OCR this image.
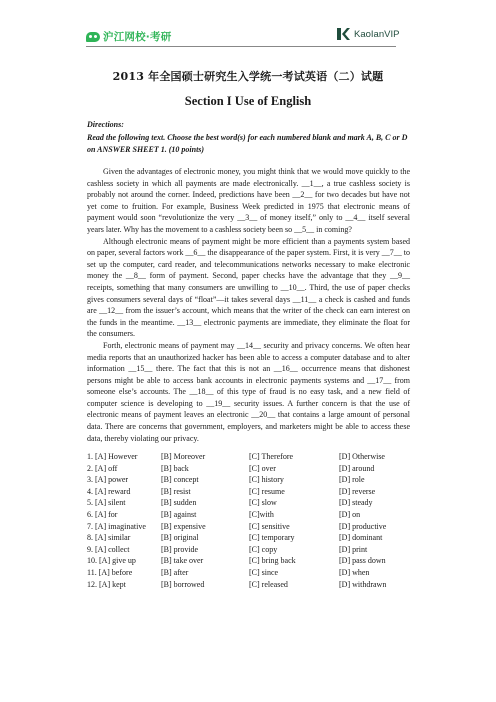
沪江网校·考研	KaoIanVIP
2013 年全国硕士研究生入学统一考试英语（二）试题
Section I Use of English
Directions:
Read the following text. Choose the best word(s) for each numbered blank and mark A, B, C or D on ANSWER SHEET 1. (10 points)

Given the advantages of electronic money, you might think that we would move quickly to the cashless society in which all payments are made electronically. __1__, a true cashless society is probably not around the corner. Indeed, predictions have been __2__ for two decades but have not yet come to fruition. For example, Business Week predicted in 1975 that electronic means of payment would soon “revolutionize the very __3__ of money itself,” only to __4__ itself several years later. Why has the movement to a cashless society been so __5__ in coming?

Although electronic means of payment might be more efficient than a payments system based on paper, several factors work __6__ the disappearance of the paper system. First, it is very __7__ to set up the computer, card reader, and telecommunications networks necessary to make electronic money the __8__ form of payment. Second, paper checks have the advantage that they __9__ receipts, something that many consumers are unwilling to __10__. Third, the use of paper checks gives consumers several days of “float”—it takes several days __11__ a check is cashed and funds are __12__ from the issuer’s account, which means that the writer of the check can earn interest on the funds in the meantime. __13__ electronic payments are immediate, they eliminate the float for the consumers.

Forth, electronic means of payment may __14__ security and privacy concerns. We often hear media reports that an unauthorized hacker has been able to access a computer database and to alter information __15__ there. The fact that this is not an __16__ occurrence means that dishonest persons might be able to access bank accounts in electronic payments systems and __17__ from someone else’s accounts. The __18__ of this type of fraud is no easy task, and a new field of computer science is developing to __19__ security issues. A further concern is that the use of electronic means of payment leaves an electronic __20__ that contains a large amount of personal data. There are concerns that government, employers, and marketers might be able to access these data, thereby violating our privacy.

1. [A] However	[B] Moreover	[C] Therefore	[D] Otherwise
2. [A] off	[B] back	[C] over	[D] around
3. [A] power	[B] concept	[C] history	[D] role
4. [A] reward	[B] resist	[C] resume	[D] reverse
5. [A] silent	[B] sudden	[C] slow	[D] steady
6. [A] for	[B] against	[C]with	[D] on
7. [A] imaginative	[B] expensive	[C] sensitive	[D] productive
8. [A] similar	[B] original	[C] temporary	[D] dominant
9. [A] collect	[B] provide	[C] copy	[D] print
10. [A] give up	[B] take over	[C] bring back	[D] pass down
11. [A] before	[B] after	[C] since	[D] when
12. [A] kept	[B] borrowed	[C] released	[D] withdrawn
